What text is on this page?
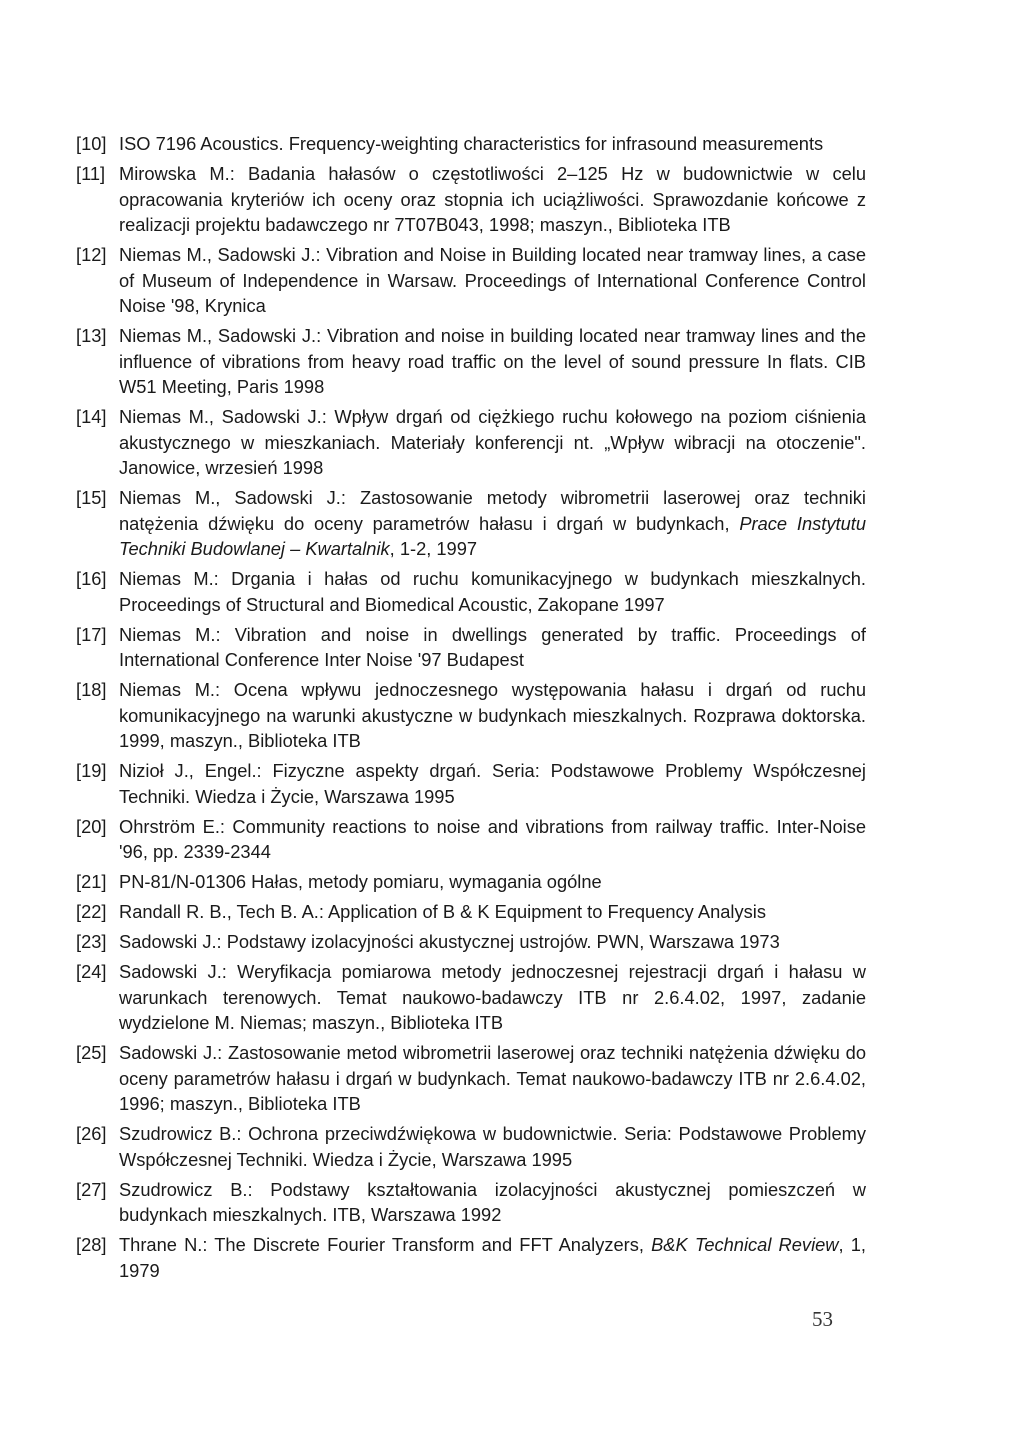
[10] ISO 7196 Acoustics. Frequency-weighting characteristics for infrasound measurements
[11] Mirowska M.: Badania hałasów o częstotliwości 2–125 Hz w budownictwie w celu opracowania kryteriów ich oceny oraz stopnia ich uciążliwości. Sprawozdanie końcowe z realizacji projektu badawczego nr 7T07B043, 1998; maszyn., Biblioteka ITB
[12] Niemas M., Sadowski J.: Vibration and Noise in Building located near tramway lines, a case of Museum of Independence in Warsaw. Proceedings of International Conference Control Noise '98, Krynica
[13] Niemas M., Sadowski J.: Vibration and noise in building located near tramway lines and the influence of vibrations from heavy road traffic on the level of sound pressure In flats. CIB W51 Meeting, Paris 1998
[14] Niemas M., Sadowski J.: Wpływ drgań od ciężkiego ruchu kołowego na poziom ciśnienia akustycznego w mieszkaniach. Materiały konferencji nt. „Wpływ wibracji na otoczenie". Janowice, wrzesień 1998
[15] Niemas M., Sadowski J.: Zastosowanie metody wibrometrii laserowej oraz techniki natężenia dźwięku do oceny parametrów hałasu i drgań w budynkach, Prace Instytutu Techniki Budowlanej – Kwartalnik, 1-2, 1997
[16] Niemas M.: Drgania i hałas od ruchu komunikacyjnego w budynkach mieszkalnych. Proceedings of Structural and Biomedical Acoustic, Zakopane 1997
[17] Niemas M.: Vibration and noise in dwellings generated by traffic. Proceedings of International Conference Inter Noise '97 Budapest
[18] Niemas M.: Ocena wpływu jednoczesnego występowania hałasu i drgań od ruchu komunikacyjnego na warunki akustyczne w budynkach mieszkalnych. Rozprawa doktorska. 1999, maszyn., Biblioteka ITB
[19] Nizioł J., Engel.: Fizyczne aspekty drgań. Seria: Podstawowe Problemy Współczesnej Techniki. Wiedza i Życie, Warszawa 1995
[20] Ohrström E.: Community reactions to noise and vibrations from railway traffic. Inter-Noise '96, pp. 2339-2344
[21] PN-81/N-01306 Hałas, metody pomiaru, wymagania ogólne
[22] Randall R. B., Tech B. A.: Application of B & K Equipment to Frequency Analysis
[23] Sadowski J.: Podstawy izolacyjności akustycznej ustrojów. PWN, Warszawa 1973
[24] Sadowski J.: Weryfikacja pomiarowa metody jednoczesnej rejestracji drgań i hałasu w warunkach terenowych. Temat naukowo-badawczy ITB nr 2.6.4.02, 1997, zadanie wydzielone M. Niemas; maszyn., Biblioteka ITB
[25] Sadowski J.: Zastosowanie metod wibrometrii laserowej oraz techniki natężenia dźwięku do oceny parametrów hałasu i drgań w budynkach. Temat naukowo-badawczy ITB nr 2.6.4.02, 1996; maszyn., Biblioteka ITB
[26] Szudrowicz B.: Ochrona przeciwdźwiękowa w budownictwie. Seria: Podstawowe Problemy Współczesnej Techniki. Wiedza i Życie, Warszawa 1995
[27] Szudrowicz B.: Podstawy kształtowania izolacyjności akustycznej pomieszczeń w budynkach mieszkalnych. ITB, Warszawa 1992
[28] Thrane N.: The Discrete Fourier Transform and FFT Analyzers, B&K Technical Review, 1, 1979
53
